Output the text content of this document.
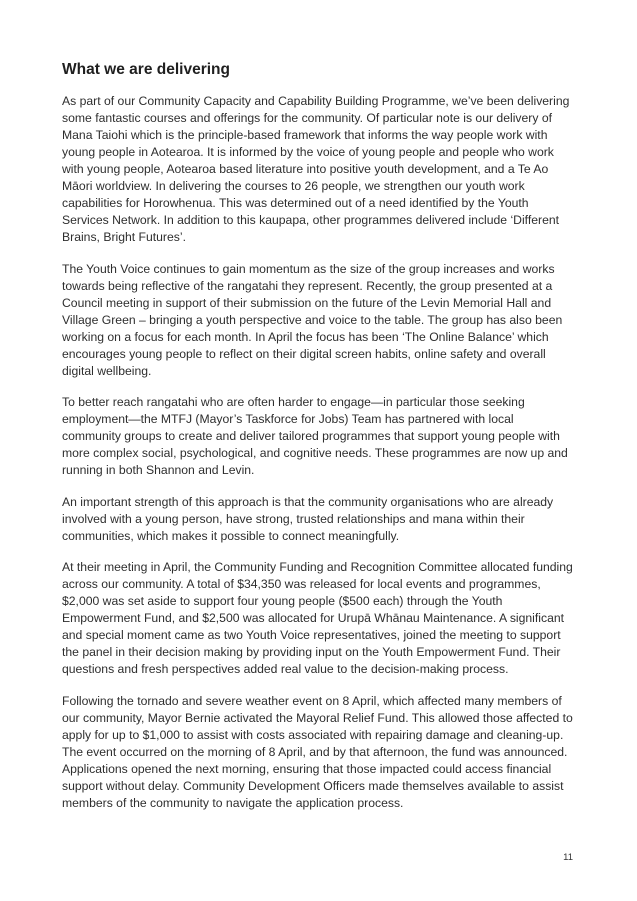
What we are delivering

As part of our Community Capacity and Capability Building Programme, we’ve been delivering some fantastic courses and offerings for the community. Of particular note is our delivery of Mana Taiohi which is the principle-based framework that informs the way people work with young people in Aotearoa. It is informed by the voice of young people and people who work with young people, Aotearoa based literature into positive youth development, and a Te Ao Māori worldview. In delivering the courses to 26 people, we strengthen our youth work capabilities for Horowhenua. This was determined out of a need identified by the Youth Services Network. In addition to this kaupapa, other programmes delivered include ‘Different Brains, Bright Futures’.

The Youth Voice continues to gain momentum as the size of the group increases and works towards being reflective of the rangatahi they represent. Recently, the group presented at a Council meeting in support of their submission on the future of the Levin Memorial Hall and Village Green – bringing a youth perspective and voice to the table. The group has also been working on a focus for each month. In April the focus has been ‘The Online Balance’ which encourages young people to reflect on their digital screen habits, online safety and overall digital wellbeing.

To better reach rangatahi who are often harder to engage—in particular those seeking employment—the MTFJ (Mayor’s Taskforce for Jobs) Team has partnered with local community groups to create and deliver tailored programmes that support young people with more complex social, psychological, and cognitive needs. These programmes are now up and running in both Shannon and Levin.

An important strength of this approach is that the community organisations who are already involved with a young person, have strong, trusted relationships and mana within their communities, which makes it possible to connect meaningfully.

At their meeting in April, the Community Funding and Recognition Committee allocated funding across our community. A total of $34,350 was released for local events and programmes, $2,000 was set aside to support four young people ($500 each) through the Youth Empowerment Fund, and $2,500 was allocated for Urupā Whānau Maintenance. A significant and special moment came as two Youth Voice representatives, joined the meeting to support the panel in their decision making by providing input on the Youth Empowerment Fund. Their questions and fresh perspectives added real value to the decision-making process.

Following the tornado and severe weather event on 8 April, which affected many members of our community, Mayor Bernie activated the Mayoral Relief Fund. This allowed those affected to apply for up to $1,000 to assist with costs associated with repairing damage and cleaning-up. The event occurred on the morning of 8 April, and by that afternoon, the fund was announced. Applications opened the next morning, ensuring that those impacted could access financial support without delay. Community Development Officers made themselves available to assist members of the community to navigate the application process.

11
